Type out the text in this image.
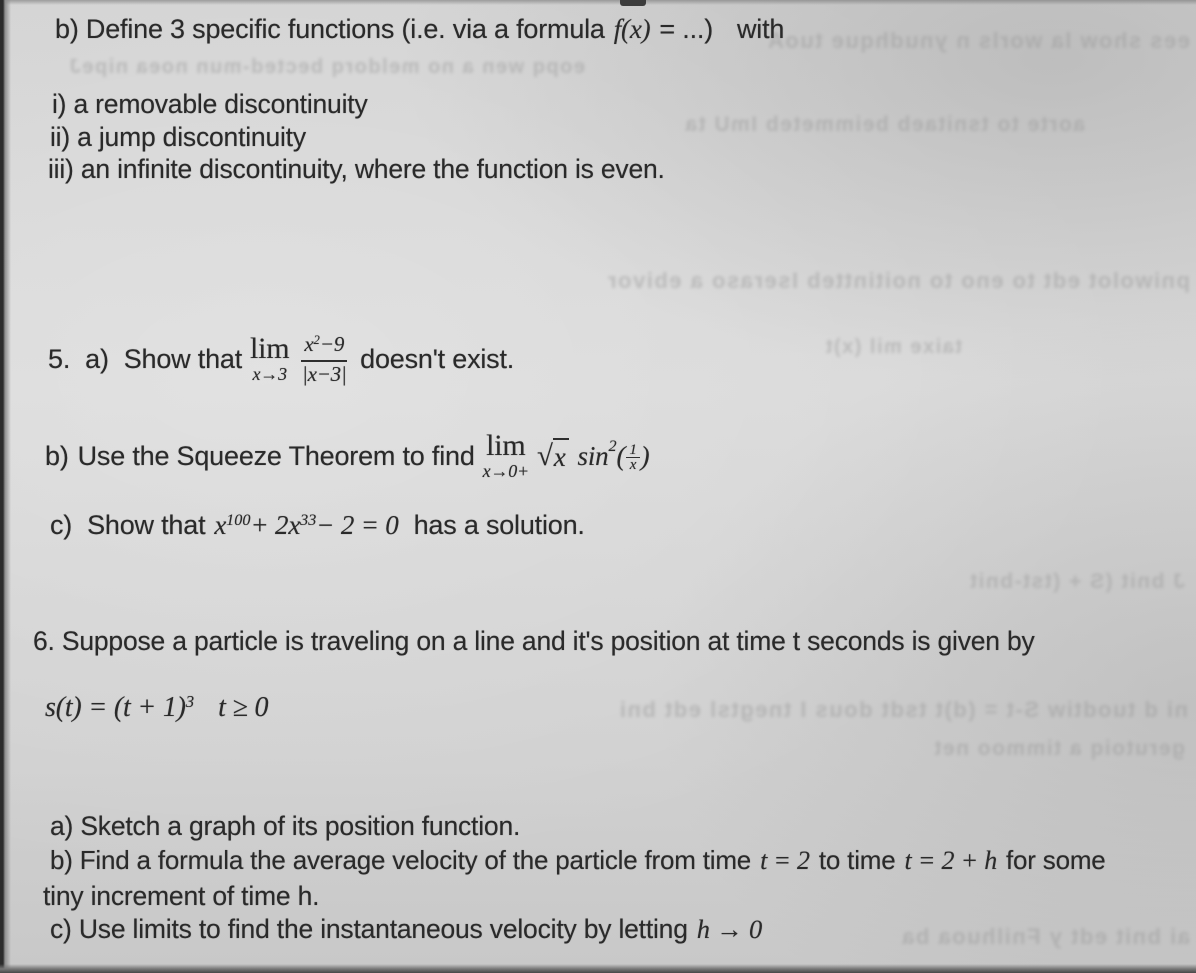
ees show la worls n ynudhque tuoA
eopq wen a no meldorq bected-mun noea nipeJ
aorte to tsnitaeb beimmeteb ImU ta
pniwolot edt to eno to noitintteb Iseraso a ebivor
taixe mil (x)t
J bnit (S + (tst-bnit
ni d tuodtiw S-t = (d)t tsdt dous I tnegtsl edt bni
gerutoiq a timmoo net
ai bnit edt y Fnilhuoa ba
b) Define 3 specific functions (i.e. via a formula f(x) = ...) with
i) a removable discontinuity
ii) a jump discontinuity
iii) an infinite discontinuity, where the function is even.
5. a) Show that lim
$x\to 3 \frac{x^2-9}{|x-3|}$ doesn't exist.
b) Use the Squeeze Theorem to find lim
x→0+ √ x sin 2 ( 1
x )
c) Show that $x^{100}+ 2x^{33}- 2 = 0$ has a solution.
6. Suppose a particle is traveling on a line and it's position at time t seconds is given by
$s(t) = (t + 1)^3$ t ≥ 0
a) Sketch a graph of its position function.
b) Find a formula the average velocity of the particle from time t = 2 to time t = 2 + h for some
tiny increment of time h.
c) Use limits to find the instantaneous velocity by letting h → 0
